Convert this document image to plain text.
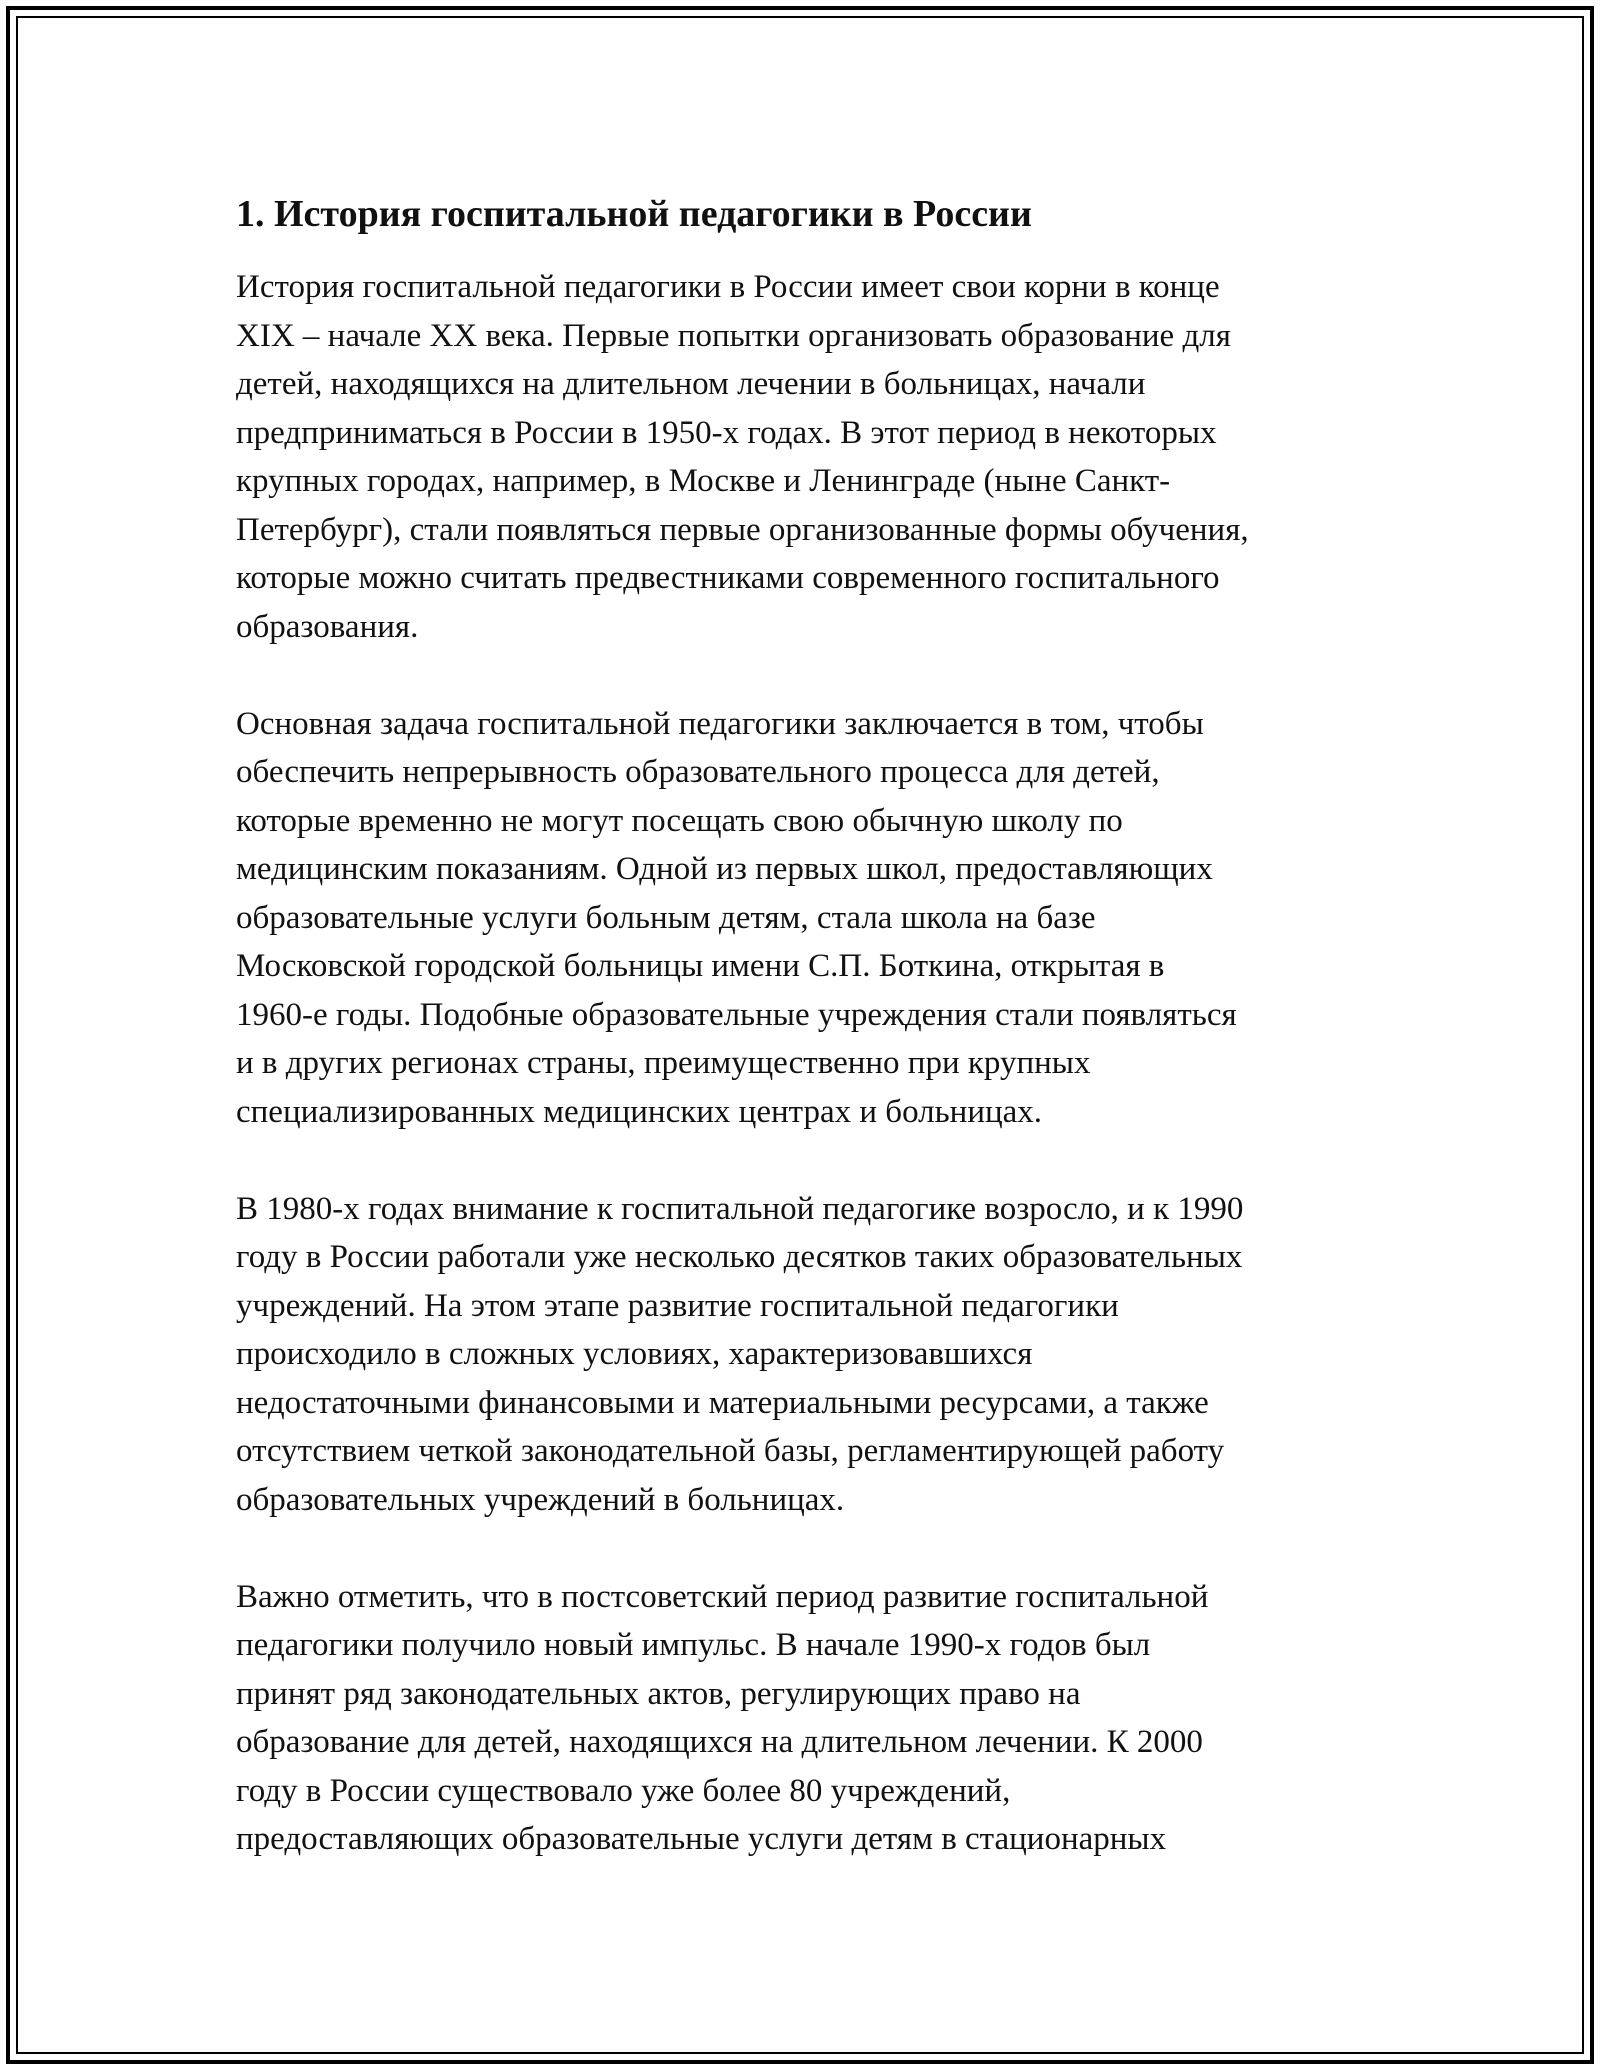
1. История госпитальной педагогики в России

История госпитальной педагогики в России имеет свои корни в конце
XIX – начале XX века. Первые попытки организовать образование для
детей, находящихся на длительном лечении в больницах, начали
предприниматься в России в 1950-х годах. В этот период в некоторых
крупных городах, например, в Москве и Ленинграде (ныне Санкт-
Петербург), стали появляться первые организованные формы обучения,
которые можно считать предвестниками современного госпитального
образования.

Основная задача госпитальной педагогики заключается в том, чтобы
обеспечить непрерывность образовательного процесса для детей,
которые временно не могут посещать свою обычную школу по
медицинским показаниям. Одной из первых школ, предоставляющих
образовательные услуги больным детям, стала школа на базе
Московской городской больницы имени С.П. Боткина, открытая в
1960-е годы. Подобные образовательные учреждения стали появляться
и в других регионах страны, преимущественно при крупных
специализированных медицинских центрах и больницах.

В 1980-х годах внимание к госпитальной педагогике возросло, и к 1990
году в России работали уже несколько десятков таких образовательных
учреждений. На этом этапе развитие госпитальной педагогики
происходило в сложных условиях, характеризовавшихся
недостаточными финансовыми и материальными ресурсами, а также
отсутствием четкой законодательной базы, регламентирующей работу
образовательных учреждений в больницах.

Важно отметить, что в постсоветский период развитие госпитальной
педагогики получило новый импульс. В начале 1990-х годов был
принят ряд законодательных актов, регулирующих право на
образование для детей, находящихся на длительном лечении. К 2000
году в России существовало уже более 80 учреждений,
предоставляющих образовательные услуги детям в стационарных
